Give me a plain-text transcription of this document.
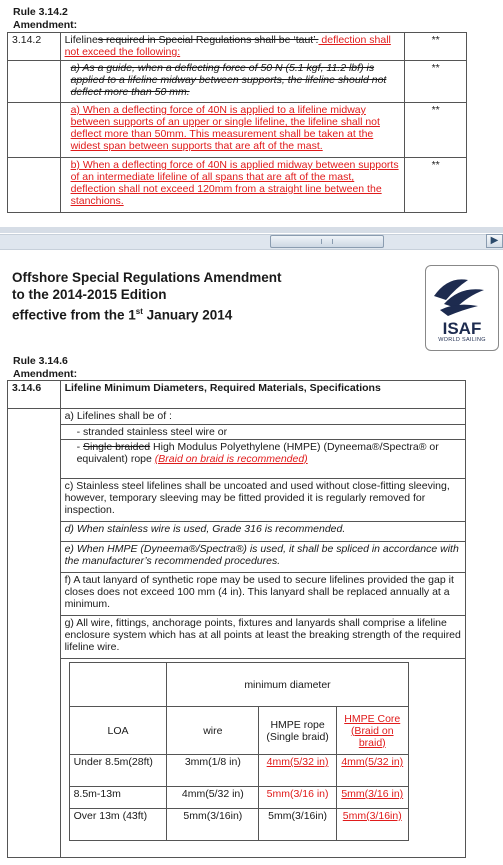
Rule 3.14.2
Amendment:
3.14.2	Lifelines required in Special Regulations shall be ‘taut’. deflection shall not exceed the following:	**
	a) As a guide, when a deflecting force of 50 N (5.1 kgf, 11.2 lbf) is applied to a lifeline midway between supports, the lifeline should not deflect more than 50 mm.	**
	a) When a deflecting force of 40N is applied to a lifeline midway between supports of an upper or single lifeline, the lifeline shall not deflect more than 50mm. This measurement shall be taken at the widest span between supports that are aft of the mast.	**
	b) When a deflecting force of 40N is applied midway between supports of an intermediate lifeline of all spans that are aft of the mast, deflection shall not exceed 120mm from a straight line between the stanchions.	**
▶
Offshore Special Regulations Amendment
to the 2014-2015 Edition
effective from the 1st January 2014
ISAF
WORLD SAILING
Rule 3.14.6
Amendment:
3.14.6	Lifeline Minimum Diameters, Required Materials, Specifications
	a) Lifelines shall be of :
- stranded stainless steel wire or
- Single braided High Modulus Polyethylene (HMPE) (Dyneema®/Spectra® or equivalent) rope (Braid on braid is recommended)
c) Stainless steel lifelines shall be uncoated and used without close-fitting sleeving, however, temporary sleeving may be fitted provided it is regularly removed for inspection.
d) When stainless wire is used, Grade 316 is recommended.
e) When HMPE (Dyneema®/Spectra®) is used, it shall be spliced in accordance with the manufacturer’s recommended procedures.
f) A taut lanyard of synthetic rope may be used to secure lifelines provided the gap it closes does not exceed 100 mm (4 in). This lanyard shall be replaced annually at a minimum.
g) All wire, fittings, anchorage points, fixtures and lanyards shall comprise a lifeline enclosure system which has at all points at least the breaking strength of the required lifeline wire.

	minimum diameter
LOA	wire	HMPE rope (Single braid)	HMPE Core (Braid on braid)
Under 8.5m(28ft)	3mm(1/8 in)	4mm(5/32 in)	4mm(5/32 in)
8.5m-13m	4mm(5/32 in)	5mm(3/16 in)	5mm(3/16 in)
Over 13m (43ft)	5mm(3/16in)	5mm(3/16in)	5mm(3/16in)
